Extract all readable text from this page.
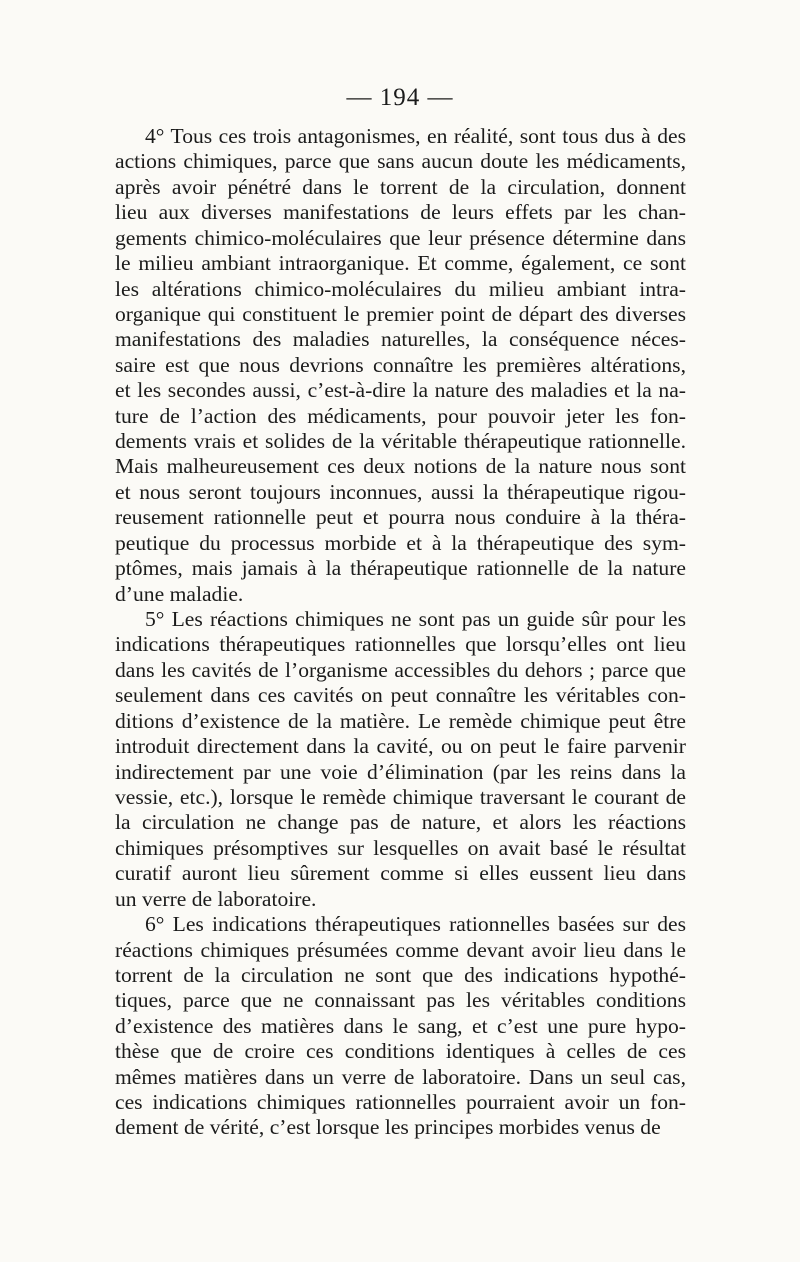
— 194 —
4° Tous ces trois antagonismes, en réalité, sont tous dus à des
actions chimiques, parce que sans aucun doute les médicaments,
après avoir pénétré dans le torrent de la circulation, donnent
lieu aux diverses manifestations de leurs effets par les chan-
gements chimico-moléculaires que leur présence détermine dans
le milieu ambiant intraorganique. Et comme, également, ce sont
les altérations chimico-moléculaires du milieu ambiant intra-
organique qui constituent le premier point de départ des diverses
manifestations des maladies naturelles, la conséquence néces-
saire est que nous devrions connaître les premières altérations,
et les secondes aussi, c’est-à-dire la nature des maladies et la na-
ture de l’action des médicaments, pour pouvoir jeter les fon-
dements vrais et solides de la véritable thérapeutique rationnelle.
Mais malheureusement ces deux notions de la nature nous sont
et nous seront toujours inconnues, aussi la thérapeutique rigou-
reusement rationnelle peut et pourra nous conduire à la théra-
peutique du processus morbide et à la thérapeutique des sym-
ptômes, mais jamais à la thérapeutique rationnelle de la nature
d’une maladie.
5° Les réactions chimiques ne sont pas un guide sûr pour les
indications thérapeutiques rationnelles que lorsqu’elles ont lieu
dans les cavités de l’organisme accessibles du dehors ; parce que
seulement dans ces cavités on peut connaître les véritables con-
ditions d’existence de la matière. Le remède chimique peut être
introduit directement dans la cavité, ou on peut le faire parvenir
indirectement par une voie d’élimination (par les reins dans la
vessie, etc.), lorsque le remède chimique traversant le courant de
la circulation ne change pas de nature, et alors les réactions
chimiques présomptives sur lesquelles on avait basé le résultat
curatif auront lieu sûrement comme si elles eussent lieu dans
un verre de laboratoire.
6° Les indications thérapeutiques rationnelles basées sur des
réactions chimiques présumées comme devant avoir lieu dans le
torrent de la circulation ne sont que des indications hypothé-
tiques, parce que ne connaissant pas les véritables conditions
d’existence des matières dans le sang, et c’est une pure hypo-
thèse que de croire ces conditions identiques à celles de ces
mêmes matières dans un verre de laboratoire. Dans un seul cas,
ces indications chimiques rationnelles pourraient avoir un fon-
dement de vérité, c’est lorsque les principes morbides venus de
